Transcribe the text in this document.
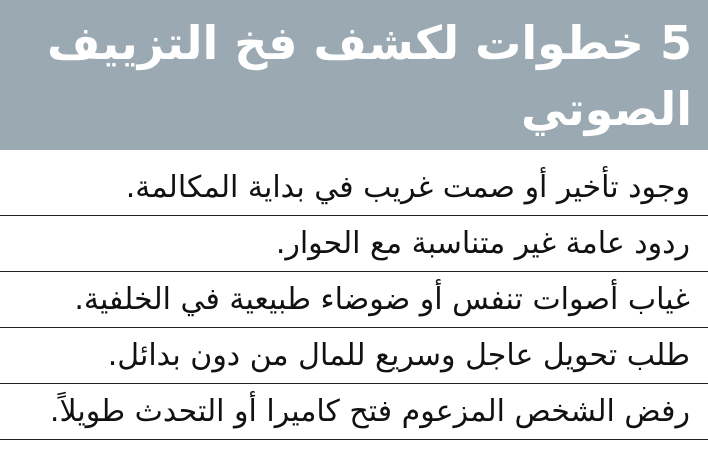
5 خطوات لكشف فخ التزييف الصوتي
وجود تأخير أو صمت غريب في بداية المكالمة.
ردود عامة غير متناسبة مع الحوار.
غياب أصوات تنفس أو ضوضاء طبيعية في الخلفية.
طلب تحويل عاجل وسريع للمال من دون بدائل.
رفض الشخص المزعوم فتح كاميرا أو التحدث طويلاً.
